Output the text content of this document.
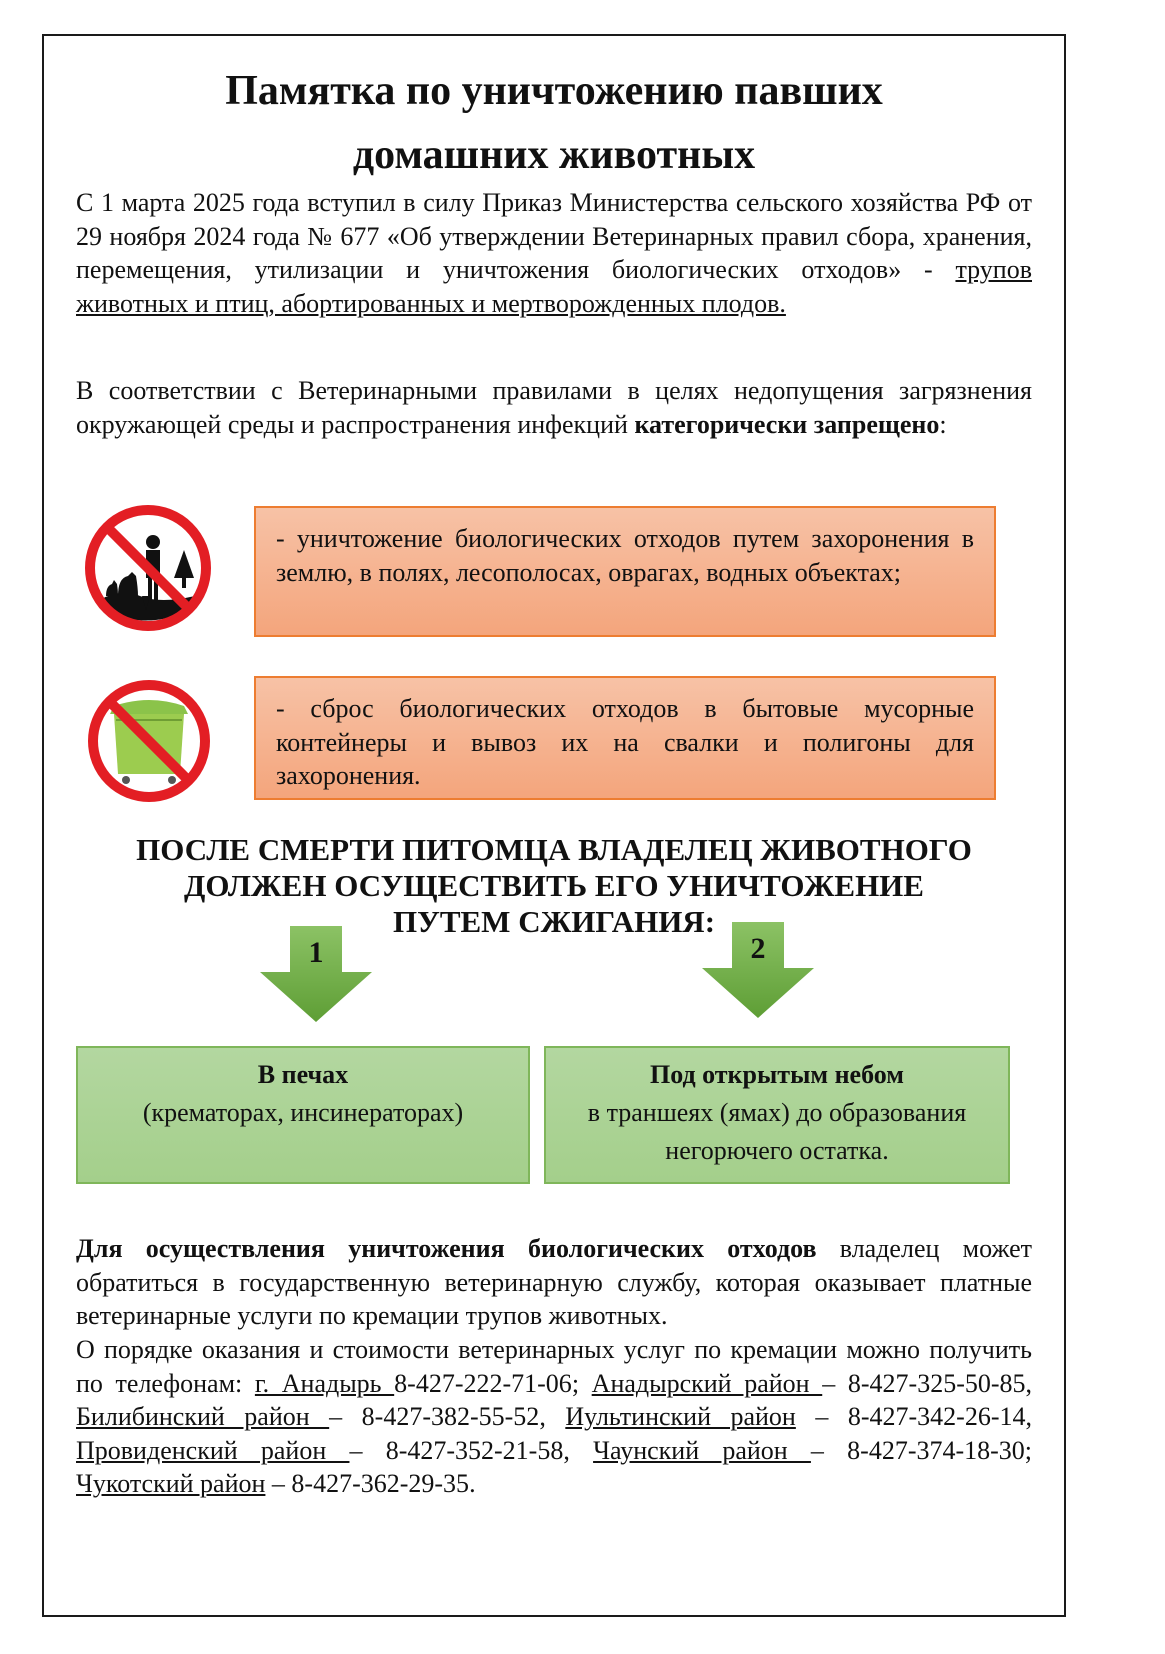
Памятка по уничтожению павших
домашних животных
С 1 марта 2025 года вступил в силу Приказ Министерства сельского хозяйства РФ от 29 ноября 2024 года № 677 «Об утверждении Ветеринарных правил сбора, хранения, перемещения, утилизации и уничтожения биологических отходов» - трупов животных и птиц, абортированных и мертворожденных плодов.
В соответствии с Ветеринарными правилами в целях недопущения загрязнения окружающей среды и распространения инфекций категорически запрещено:
- уничтожение биологических отходов путем захоронения в землю, в полях, лесополосах, оврагах, водных объектах;
- сброс биологических отходов в бытовые мусорные контейнеры и вывоз их на свалки и полигоны для захоронения.
ПОСЛЕ СМЕРТИ ПИТОМЦА ВЛАДЕЛЕЦ ЖИВОТНОГО
ДОЛЖЕН ОСУЩЕСТВИТЬ ЕГО УНИЧТОЖЕНИЕ
ПУТЕМ СЖИГАНИЯ:
1	2
В печах
(крематорах, инсинераторах)
Под открытым небом
в траншеях (ямах) до образования
негорючего остатка.
Для осуществления уничтожения биологических отходов владелец может обратиться в государственную ветеринарную службу, которая оказывает платные ветеринарные услуги по кремации трупов животных.
О порядке оказания и стоимости ветеринарных услуг по кремации можно получить по телефонам: г. Анадырь 8-427-222-71-06; Анадырский район – 8-427-325-50-85, Билибинский район – 8-427-382-55-52, Иультинский район – 8-427-342-26-14, Провиденский район – 8-427-352-21-58, Чаунский район – 8-427-374-18-30; Чукотский район – 8-427-362-29-35.
